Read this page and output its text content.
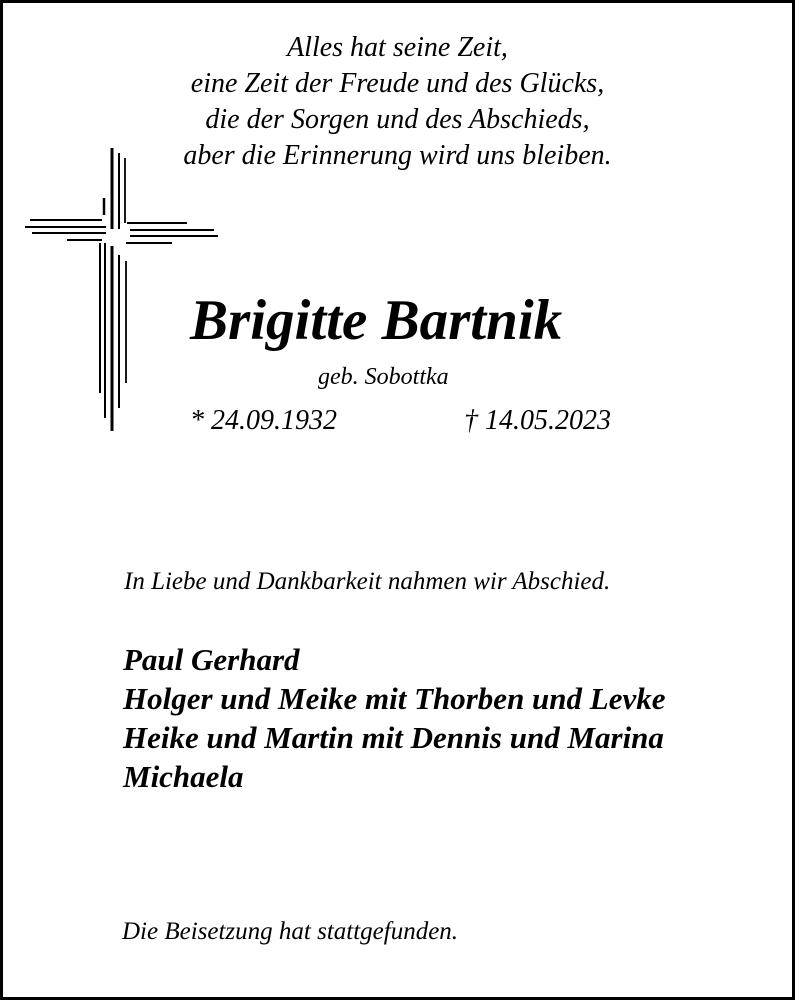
Alles hat seine Zeit,
eine Zeit der Freude und des Glücks,
die der Sorgen und des Abschieds,
aber die Erinnerung wird uns bleiben.
Brigitte Bartnik
geb. Sobottka
* 24.09.1932	† 14.05.2023
In Liebe und Dankbarkeit nahmen wir Abschied.
Paul Gerhard
Holger und Meike mit Thorben und Levke
Heike und Martin mit Dennis und Marina
Michaela
Die Beisetzung hat stattgefunden.
